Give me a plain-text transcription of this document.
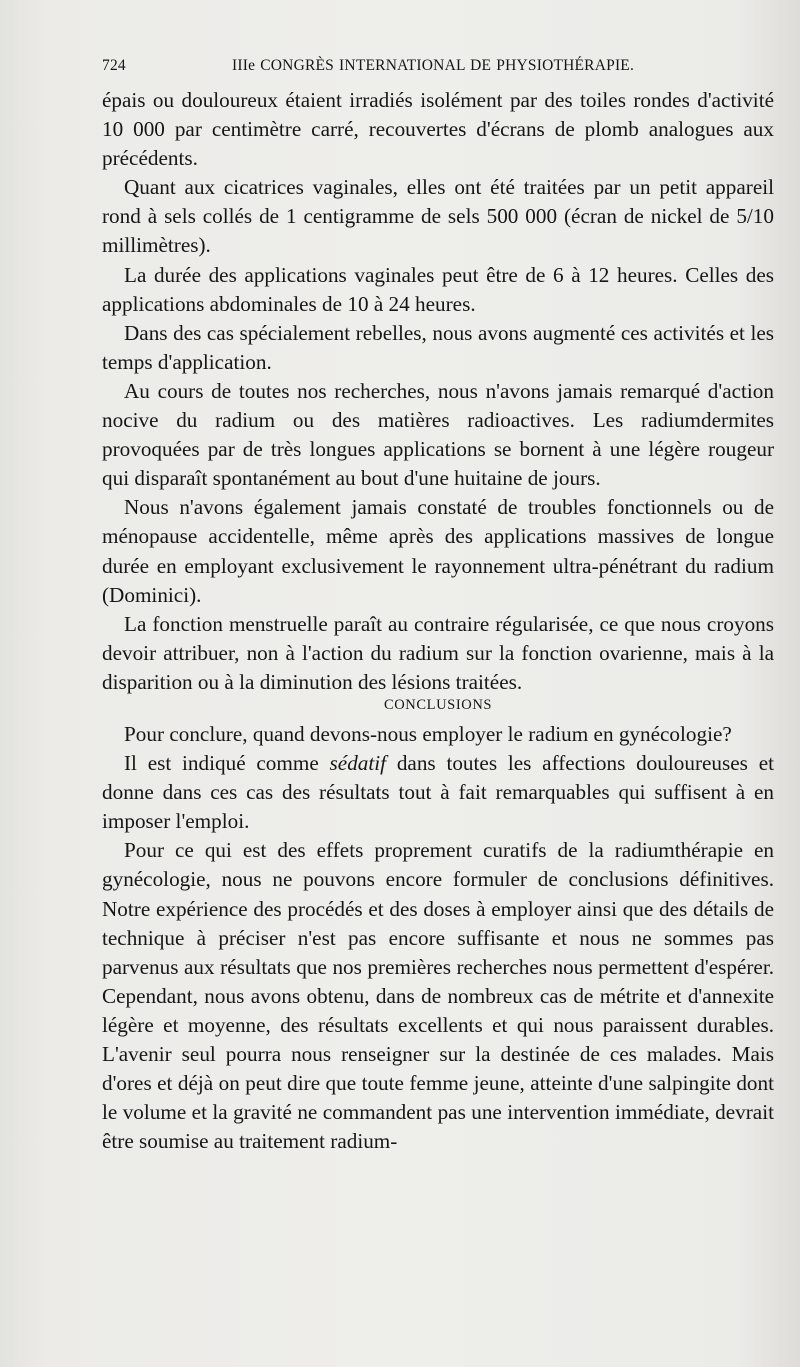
724	IIIe CONGRÈS INTERNATIONAL DE PHYSIOTHÉRAPIE.

épais ou douloureux étaient irradiés isolément par des toiles rondes d'activité 10 000 par centimètre carré, recouvertes d'écrans de plomb analogues aux précédents.

Quant aux cicatrices vaginales, elles ont été traitées par un petit appareil rond à sels collés de 1 centigramme de sels 500 000 (écran de nickel de 5/10 millimètres).

La durée des applications vaginales peut être de 6 à 12 heures. Celles des applications abdominales de 10 à 24 heures.

Dans des cas spécialement rebelles, nous avons augmenté ces activités et les temps d'application.

Au cours de toutes nos recherches, nous n'avons jamais remarqué d'action nocive du radium ou des matières radioactives. Les radiumdermites provoquées par de très longues applications se bornent à une légère rougeur qui disparaît spontanément au bout d'une huitaine de jours.

Nous n'avons également jamais constaté de troubles fonctionnels ou de ménopause accidentelle, même après des applications massives de longue durée en employant exclusivement le rayonnement ultra-pénétrant du radium (Dominici).

La fonction menstruelle paraît au contraire régularisée, ce que nous croyons devoir attribuer, non à l'action du radium sur la fonction ovarienne, mais à la disparition ou à la diminution des lésions traitées.

CONCLUSIONS

Pour conclure, quand devons-nous employer le radium en gynécologie?

Il est indiqué comme sédatif dans toutes les affections douloureuses et donne dans ces cas des résultats tout à fait remarquables qui suffisent à en imposer l'emploi.

Pour ce qui est des effets proprement curatifs de la radiumthérapie en gynécologie, nous ne pouvons encore formuler de conclusions définitives. Notre expérience des procédés et des doses à employer ainsi que des détails de technique à préciser n'est pas encore suffisante et nous ne sommes pas parvenus aux résultats que nos premières recherches nous permettent d'espérer. Cependant, nous avons obtenu, dans de nombreux cas de métrite et d'annexite légère et moyenne, des résultats excellents et qui nous paraissent durables. L'avenir seul pourra nous renseigner sur la destinée de ces malades. Mais d'ores et déjà on peut dire que toute femme jeune, atteinte d'une salpingite dont le volume et la gravité ne commandent pas une intervention immédiate, devrait être soumise au traitement radium-
